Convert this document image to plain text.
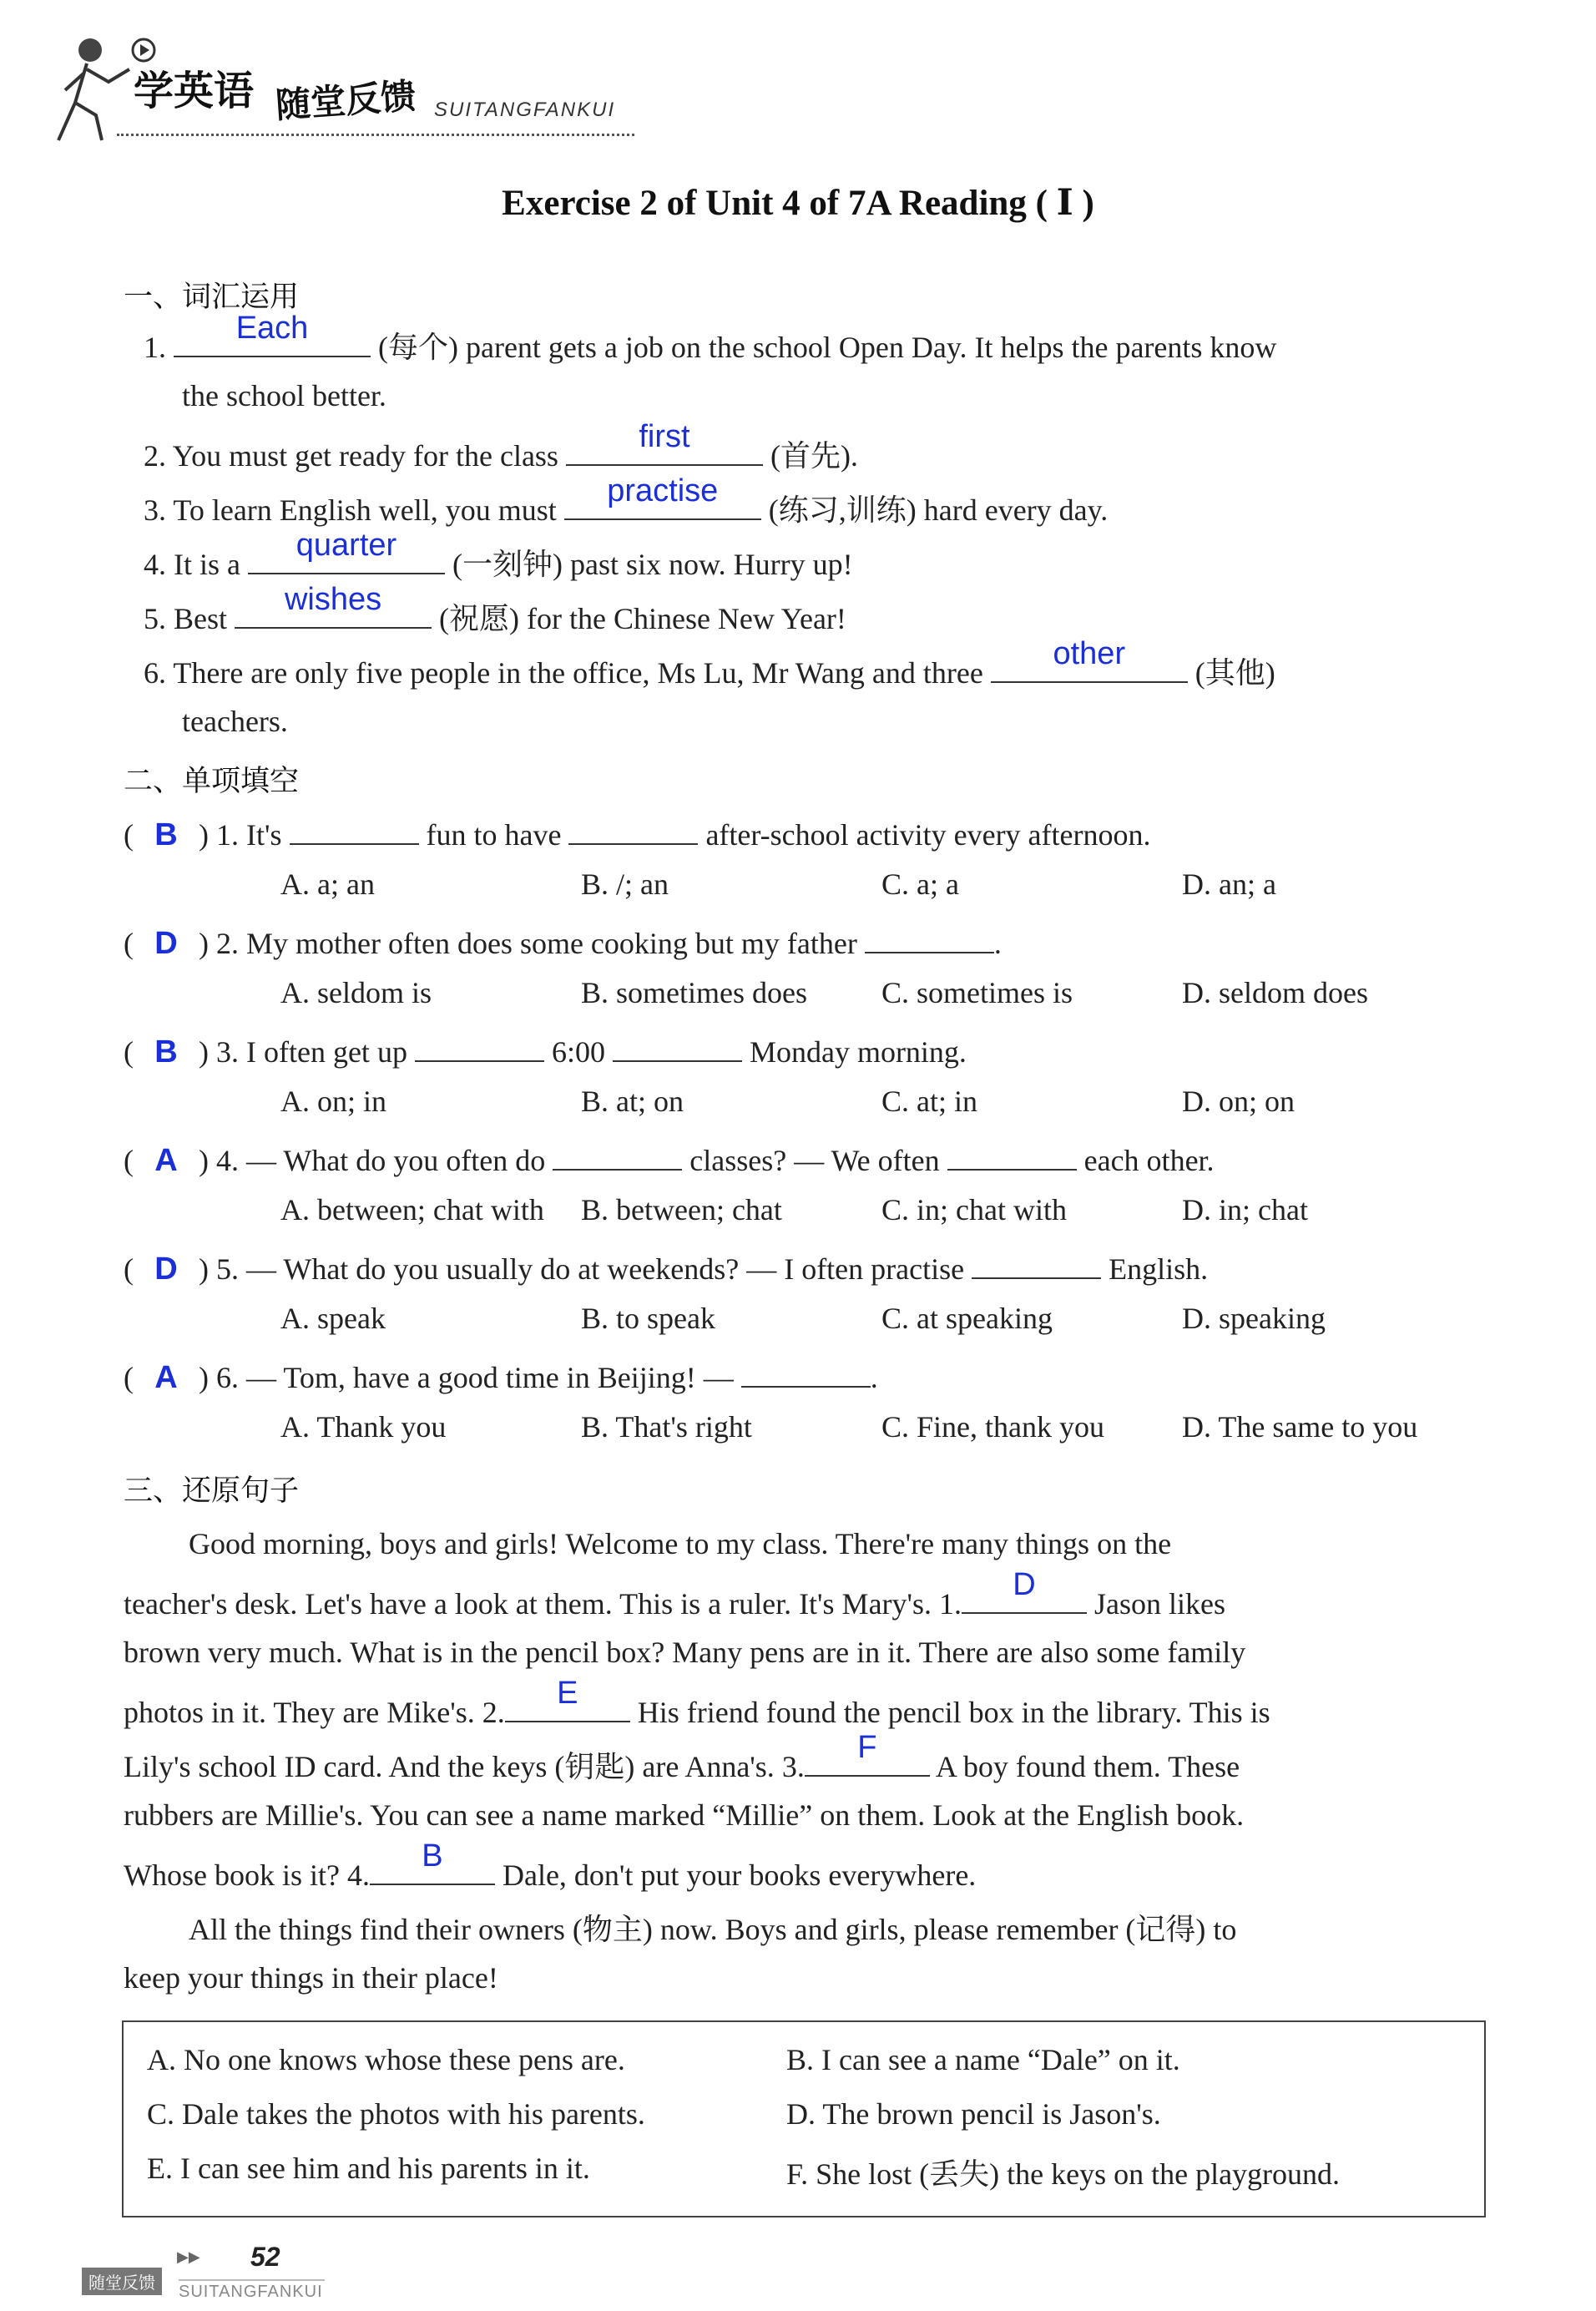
学英语 随堂反馈 SUITANGFANKUI
Exercise 2 of Unit 4 of 7A Reading ( Ⅰ )
一、词汇运用
1.
Each
(每个) parent gets a job on the school Open Day. It helps the parents know
the school better.
2. You must get ready for the class
first
(首先).
3. To learn English well, you must
practise
(练习,训练) hard every day.
4. It is a
quarter
(一刻钟) past six now. Hurry up!
5. Best
wishes
(祝愿) for the Chinese New Year!
6. There are only five people in the office, Ms Lu, Mr Wang and three
other
(其他)
teachers.
二、单项填空
( B ) 1. It's	fun to have	after-school activity every afternoon.
A. a; an	B. /; an	C. a; a	D. an; a
( D ) 2. My mother often does some cooking but my father	.
A. seldom is	B. sometimes does C. sometimes is	D. seldom does
( B ) 3. I often get up	6:00	Monday morning.
A. on; in	B. at; on	C. at; in	D. on; on
( A ) 4. — What do you often do	classes? — We often	each other.
A. between; chat with B. between; chat	C. in; chat with	D. in; chat
( D ) 5. — What do you usually do at weekends? — I often practise	English.
A. speak	B. to speak	C. at speaking	D. speaking
( A ) 6. — Tom, have a good time in Beijing! —	.
A. Thank you	B. That's right	C. Fine, thank you	D. The same to you
三、还原句子
Good morning, boys and girls! Welcome to my class. There're many things on the
teacher's desk. Let's have a look at them. This is a ruler. It's Mary's. 1.
D
Jason likes
brown very much. What is in the pencil box? Many pens are in it. There are also some family
photos in it. They are Mike's. 2.
E
His friend found the pencil box in the library. This is
Lily's school ID card. And the keys (钥匙) are Anna's. 3.
F
A boy found them. These
rubbers are Millie's. You can see a name marked “Millie” on them. Look at the English book.
Whose book is it? 4.
B
Dale, don't put your books everywhere.
All the things find their owners (物主) now. Boys and girls, please remember (记得) to
keep your things in their place!
A. No one knows whose these pens are.	B. I can see a name “Dale” on it.
C. Dale takes the photos with his parents.	D. The brown pencil is Jason's.
E. I can see him and his parents in it.	F. She lost (丢失) the keys on the playground.
▶▶ 52
随堂反馈	SUITANGFANKUI
